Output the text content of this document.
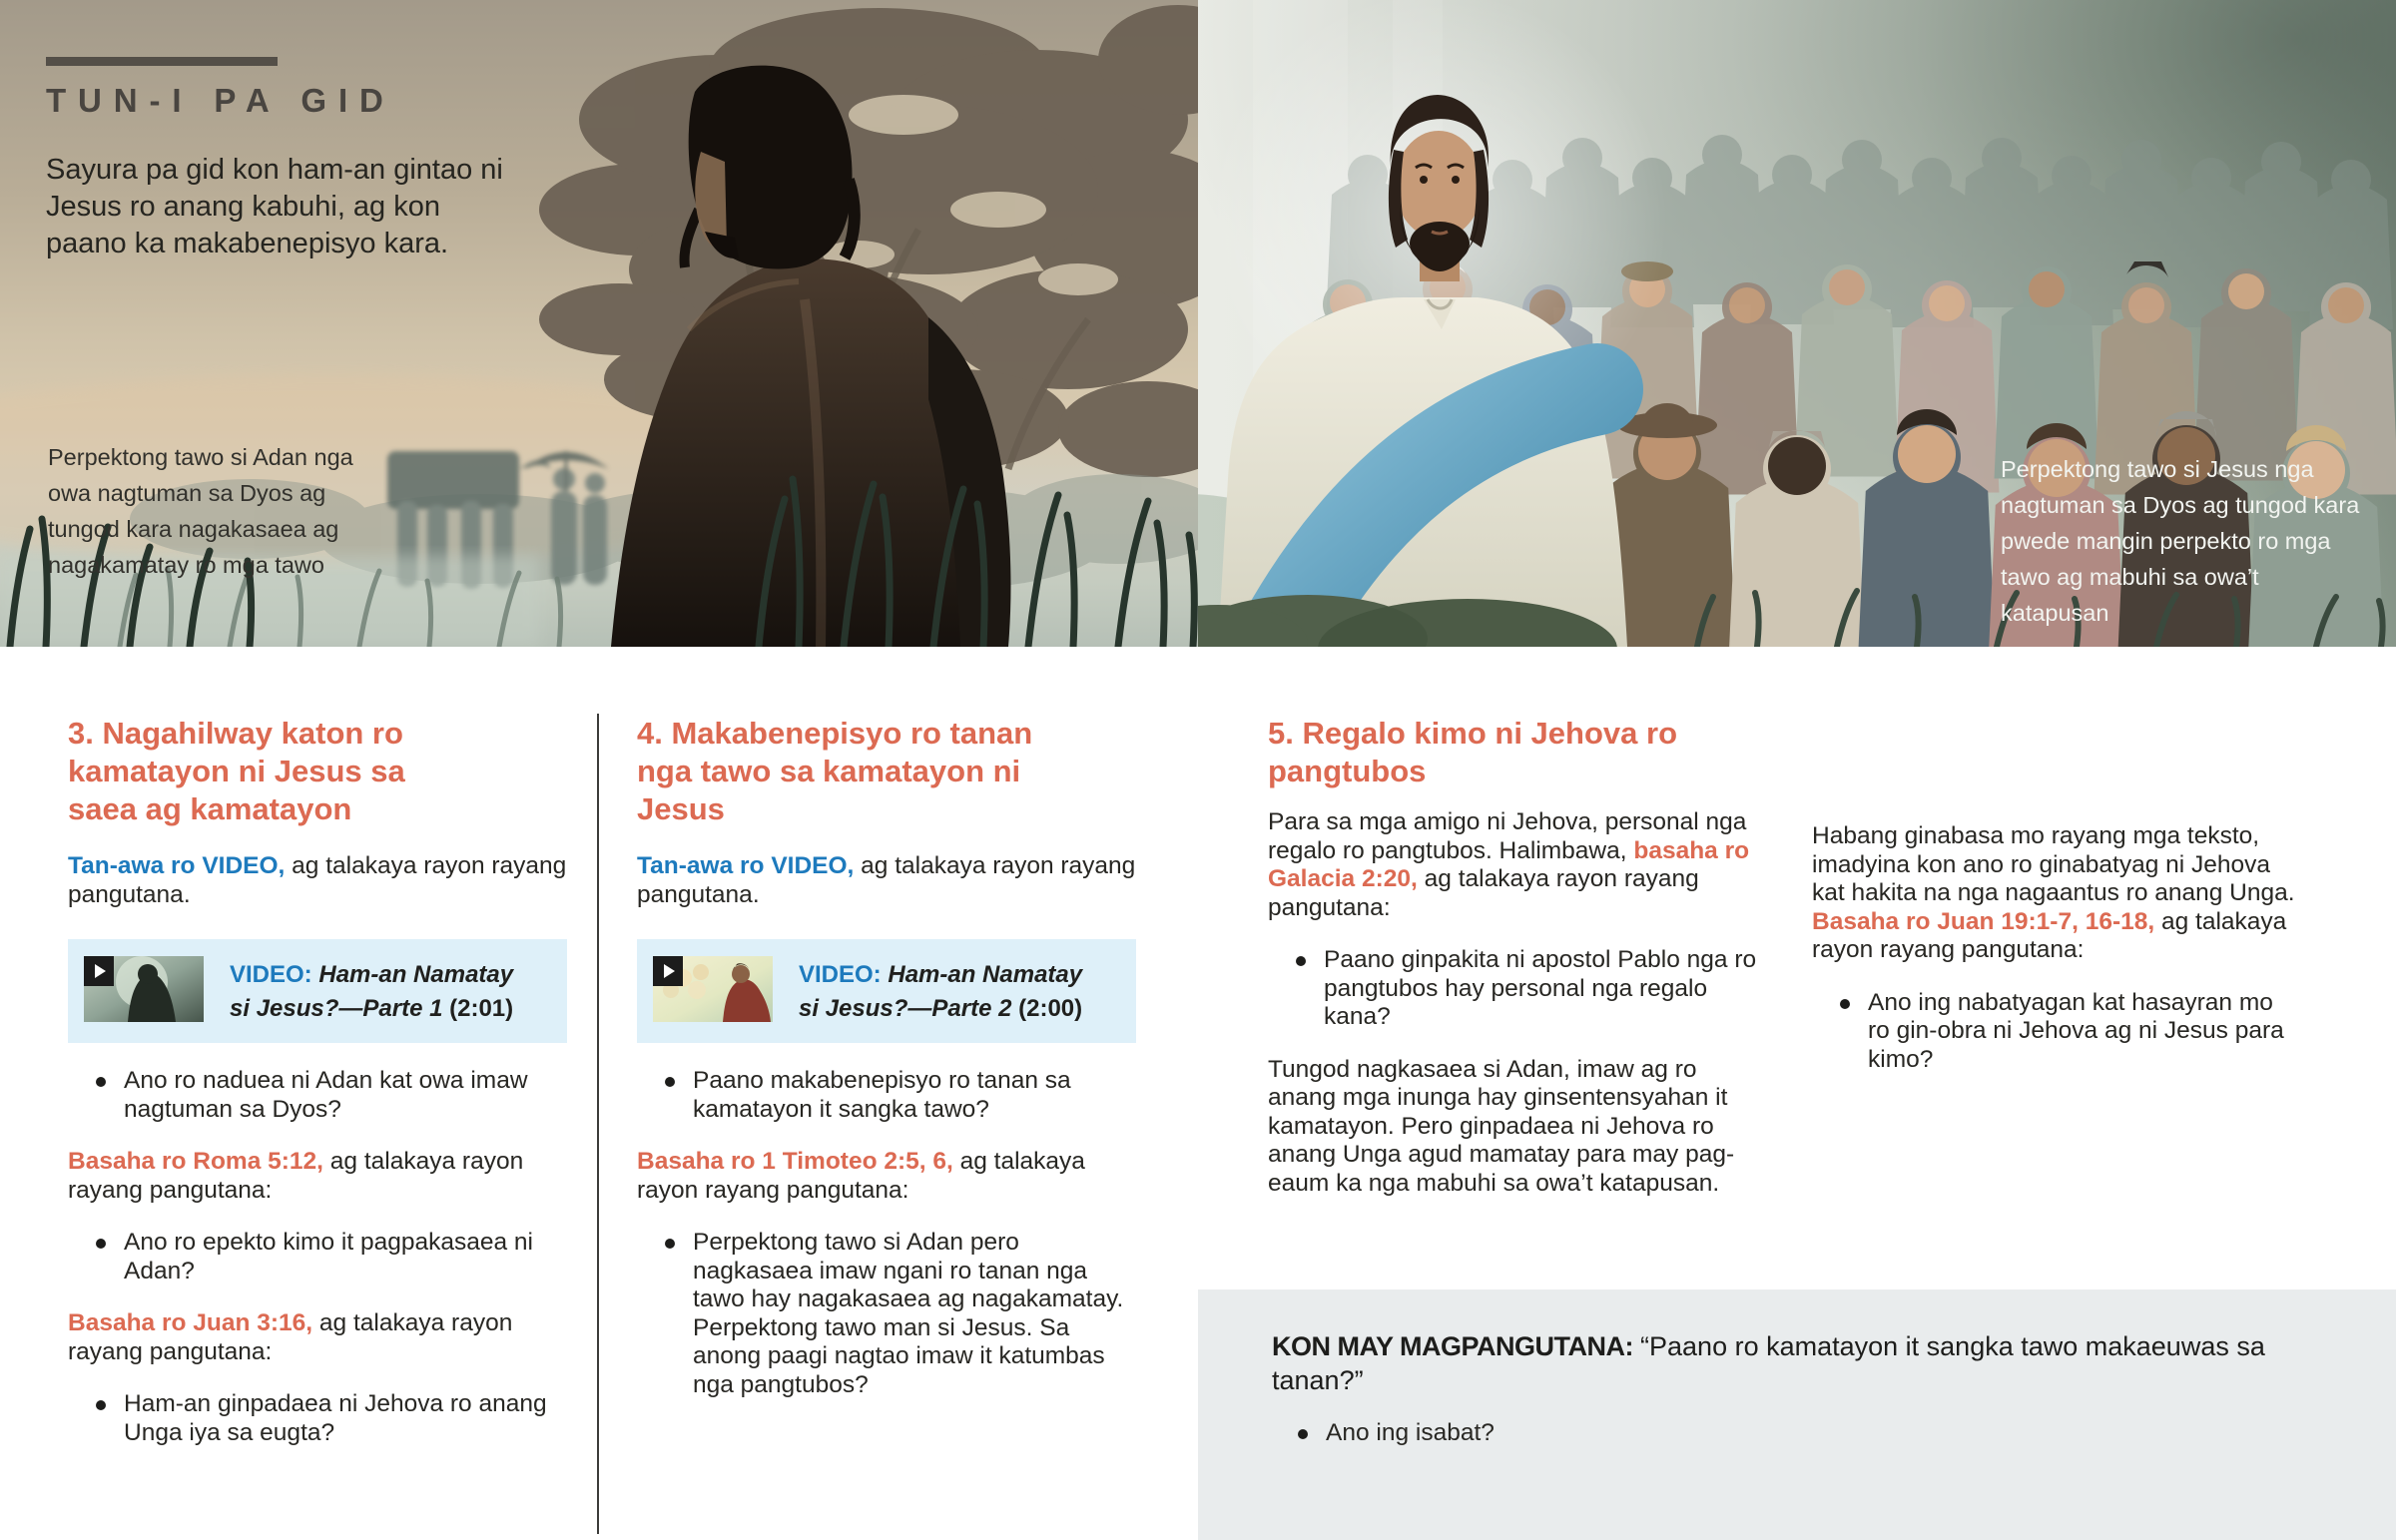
TUN-I PA GID
Sayura pa gid kon ham-an gintao ni Jesus ro anang kabuhi, ag kon paano ka makabenepisyo kara.
Perpektong tawo si Adan nga owa nagtuman sa Dyos ag tungod kara nagakasaea ag nagakamatay ro mga tawo
Perpektong tawo si Jesus nga nagtuman sa Dyos ag tungod kara pwede mangin perpekto ro mga tawo ag mabuhi sa owa’t katapusan
3. Nagahilway katon ro kamatayon ni Jesus sa saea ag kamatayon

Tan-awa ro VIDEO, ag talakaya rayon rayang pangutana.

VIDEO: Ham-an Namatay si Jesus?—Parte 1 (2:01)
Ano ro naduea ni Adan kat owa imaw nagtuman sa Dyos?

Basaha ro Roma 5:12, ag talakaya rayon rayang pangutana:

Ano ro epekto kimo it pagpakasaea ni Adan?

Basaha ro Juan 3:16, ag talakaya rayon rayang pangutana:

Ham-an ginpadaea ni Jehova ro anang Unga iya sa eugta?
4. Makabenepisyo ro tanan nga tawo sa kamatayon ni Jesus

Tan-awa ro VIDEO, ag talakaya rayon rayang pangutana.

VIDEO: Ham-an Namatay si Jesus?—Parte 2 (2:00)
Paano makabenepisyo ro tanan sa kamatayon it sangka tawo?

Basaha ro 1 Timoteo 2:5, 6, ag talakaya rayon rayang pangutana:

Perpektong tawo si Adan pero nagkasaea imaw ngani ro tanan nga tawo hay nagakasaea ag nagakamatay. Perpektong tawo man si Jesus. Sa anong paagi nagtao imaw it katumbas nga pangtubos?
5. Regalo kimo ni Jehova ro pangtubos

Para sa mga amigo ni Jehova, personal nga regalo ro pangtubos. Halimbawa, basaha ro Galacia 2:20, ag talakaya rayon rayang pangutana:

Paano ginpakita ni apostol Pablo nga ro pangtubos hay personal nga regalo kana?

Tungod nagkasaea si Adan, imaw ag ro anang mga inunga hay ginsentensyahan it kamatayon. Pero ginpadaea ni Jehova ro anang Unga agud mamatay para may pag-eaum ka nga mabuhi sa owa’t katapusan.

Habang ginabasa mo rayang mga teksto, imadyina kon ano ro ginabatyag ni Jehova kat hakita na nga nagaantus ro anang Unga. Basaha ro Juan 19:1-7, 16-18, ag talakaya rayon rayang pangutana:

Ano ing nabatyagan kat hasayran mo ro gin-obra ni Jehova ag ni Jesus para kimo?
KON MAY MAGPANGUTANA: “Paano ro kamatayon it sangka tawo makaeuwas sa tanan?”
Ano ing isabat?
